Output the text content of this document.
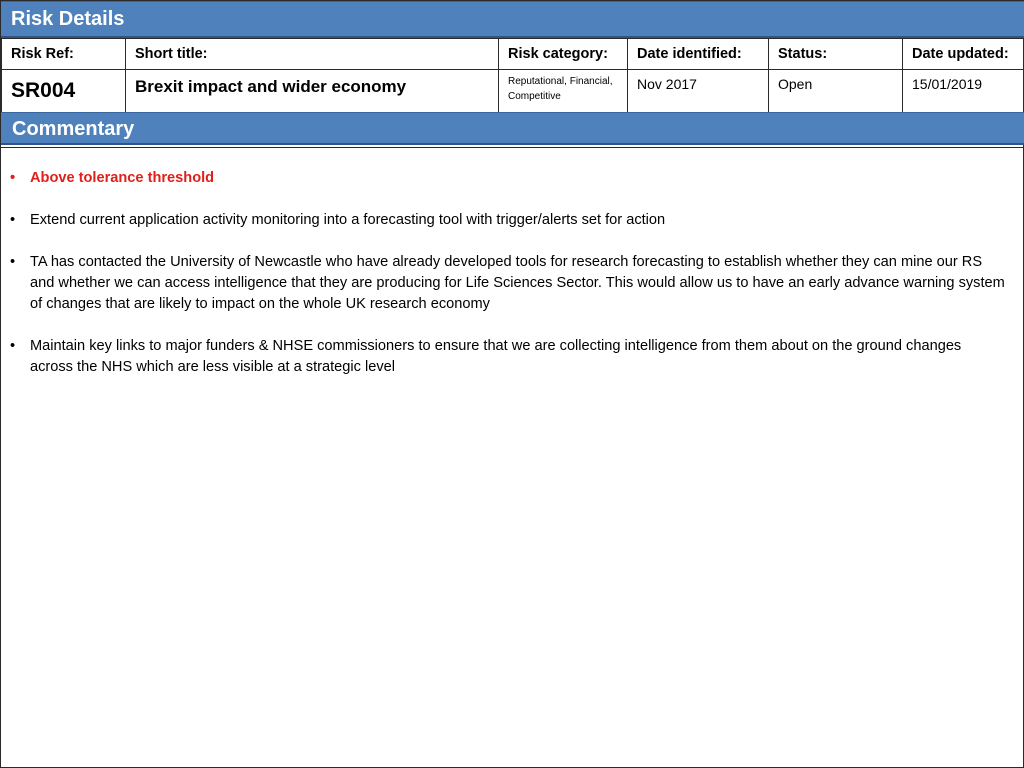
Risk Details
Risk Ref:	Short title:	Risk category:	Date identified:	Status:	Date updated:
SR004	Brexit impact and wider economy	Reputational, Financial, Competitive	Nov 2017	Open	15/01/2019
Commentary
•	Above tolerance threshold
•	Extend current application activity monitoring into a forecasting tool with trigger/alerts set for action
•	TA has contacted the University of Newcastle who have already developed tools for research forecasting to establish whether they can mine our RS and whether we can access intelligence that they are producing for Life Sciences Sector. This would allow us to have an early advance warning system of changes that are likely to impact on the whole UK research economy
•	Maintain key links to major funders & NHSE commissioners to ensure that we are collecting intelligence from them about on the ground changes across the NHS which are less visible at a strategic level
